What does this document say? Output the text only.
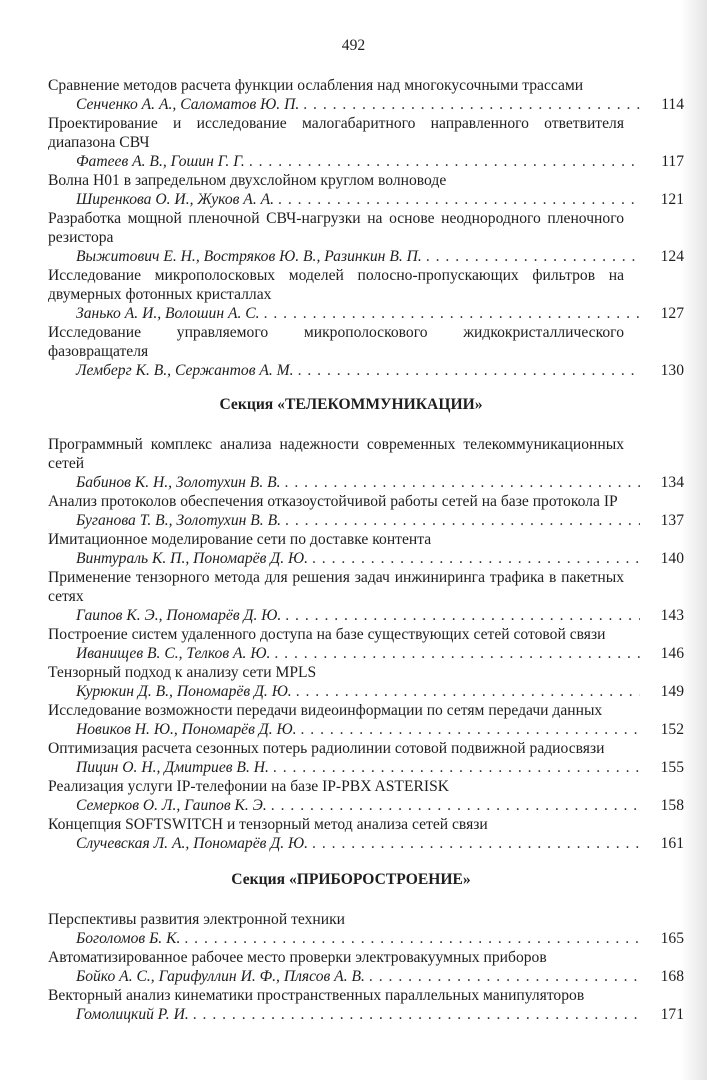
492
Сравнение методов расчета функции ослабления над многокусочными трассами
Сенченко А. А., Саломатов Ю. П. . . .	114
Проектирование и исследование малогабаритного направленного ответвителя диапазона СВЧ
Фатеев А. В., Гошин Г. Г. . . .	117
Волна H01 в запредельном двухслойном круглом волноводе
Ширенкова О. И., Жуков А. А. . . .	121
Разработка мощной пленочной СВЧ-нагрузки на основе неоднородного пленочного резистора
Выжитович Е. Н., Востряков Ю. В., Разинкин В. П. . . .	124
Исследование микрополосковых моделей полосно-пропускающих фильтров на двумерных фотонных кристаллах
Занько А. И., Волошин А. С. . . .	127
Исследование управляемого микрополоскового жидкокристаллического фазовращателя
Лемберг К. В., Сержантов А. М. . . .	130
Секция «ТЕЛЕКОММУНИКАЦИИ»
Программный комплекс анализа надежности современных телекоммуникационных сетей
Бабинов К. Н., Золотухин В. В. . . .	134
Анализ протоколов обеспечения отказоустойчивой работы сетей на базе протокола IP
Буганова Т. В., Золотухин В. В. . . .	137
Имитационное моделирование сети по доставке контента
Винтураль К. П., Пономарёв Д. Ю. . . .	140
Применение тензорного метода для решения задач инжиниринга трафика в пакетных сетях
Гаипов К. Э., Пономарёв Д. Ю. . . .	143
Построение систем удаленного доступа на базе существующих сетей сотовой связи
Иванищев В. С., Телков А. Ю. . . .	146
Тензорный подход к анализу сети MPLS
Курюкин Д. В., Пономарёв Д. Ю. . . .	149
Исследование возможности передачи видеоинформации по сетям передачи данных
Новиков Н. Ю., Пономарёв Д. Ю. . . .	152
Оптимизация расчета сезонных потерь радиолинии сотовой подвижной радиосвязи
Пицин О. Н., Дмитриев В. Н. . . .	155
Реализация услуги IP-телефонии на базе IP-PBX ASTERISK
Семерков О. Л., Гаипов К. Э. . . .	158
Концепция SOFTSWITCH и тензорный метод анализа сетей связи
Случевская Л. А., Пономарёв Д. Ю. . . .	161
Секция «ПРИБОРОСТРОЕНИЕ»
Перспективы развития электронной техники
Боголомов Б. К. . . .	165
Автоматизированное рабочее место проверки электровакуумных приборов
Бойко А. С., Гарифуллин И. Ф., Плясов А. В. . . .	168
Векторный анализ кинематики пространственных параллельных манипуляторов
Гомолицкий Р. И. . . .	171
